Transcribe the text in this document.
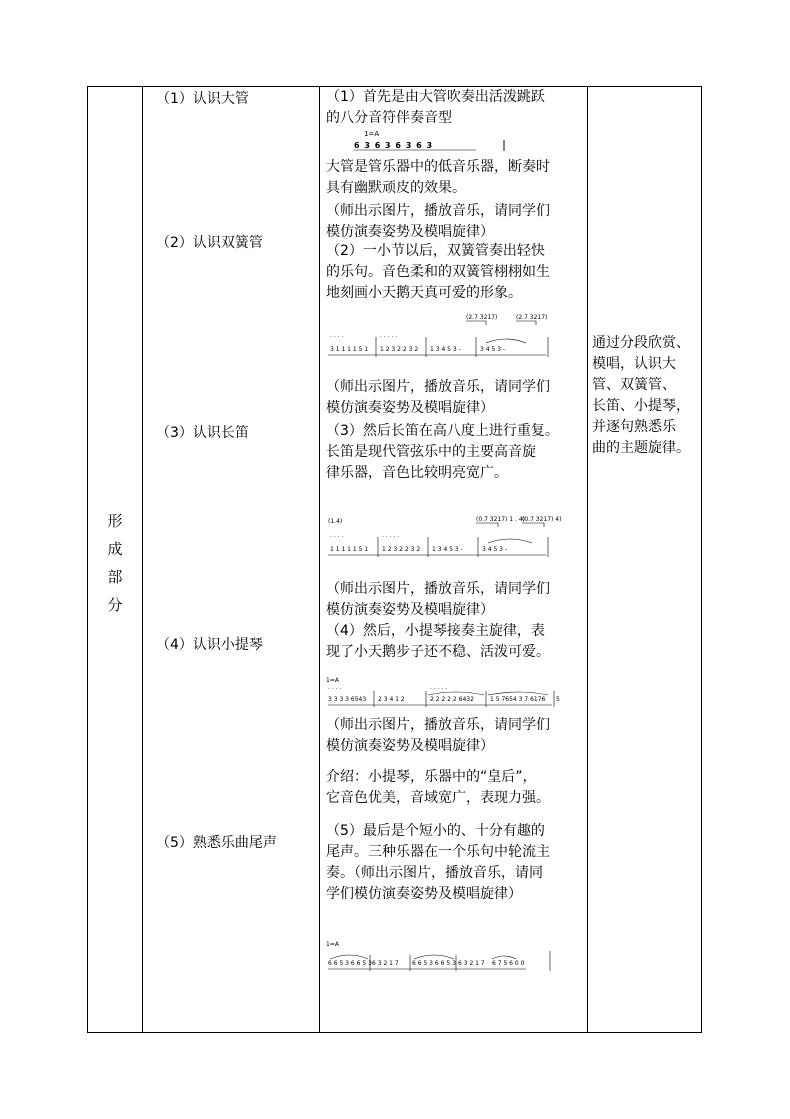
形
成
部
分
（1）认识大管
（2）认识双簧管
（3）认识长笛
（4）认识小提琴
（5）熟悉乐曲尾声
（1）首先是由大管吹奏出活泼跳跃
的八分音符伴奏音型
1=A
6 3 6 3 6 3 6 3
大管是管乐器中的低音乐器，断奏时
具有幽默顽皮的效果。
（师出示图片，播放音乐，请同学们
模仿演奏姿势及模唱旋律）
（2）一小节以后，双簧管奏出轻快
的乐句。音色柔和的双簧管栩栩如生
地刻画小天鹅天真可爱的形象。
(2.7 3217)	(2.7 3217)
3 1 1 1 1 5 1 1 2 3 2 2 3 2 1 3 4 5 3 -	3 4 5 3 -
· · · ·	· · · · ·
（师出示图片，播放音乐，请同学们
模仿演奏姿势及模唱旋律）
（3）然后长笛在高八度上进行重复。
长笛是现代管弦乐中的主要高音旋
律乐器，音色比较明亮宽广。
(1.4)	(0.7 3217) 1 . 4)
(0.7 3217) 4)
1 1 1 1 1 5 1 1 2 3 2 2 3 2 1 3 4 5 3 -	3 4 5 3 -
· · · ·	· · · · ·
（师出示图片，播放音乐，请同学们
模仿演奏姿势及模唱旋律）
（4）然后，小提琴接奏主旋律，表
现了小天鹅步子还不稳、活泼可爱。
1=A
3 3 3 3 6543 2 3 4 1 2	2 2 2 2 2 6432	1 5 7654 3 7 6176 5
· · · ·	· · · · ·
（师出示图片，播放音乐，请同学们
模仿演奏姿势及模唱旋律）
介绍：小提琴，乐器中的“皇后”，
它音色优美，音域宽广，表现力强。
（5）最后是个短小的、十分有趣的
尾声。三种乐器在一个乐句中轮流主
奏。（师出示图片，播放音乐，请同
学们模仿演奏姿势及模唱旋律）
1=A
6 6 5 3 6 6 5 3 6 3 2 1 7 6 6 5 3 6 6 5 3 6 3 2 1 7 6 7 5 6 0 0
通过分段欣赏、
模唱，认识大
管、双簧管、
长笛、小提琴，
并逐句熟悉乐
曲的主题旋律。
